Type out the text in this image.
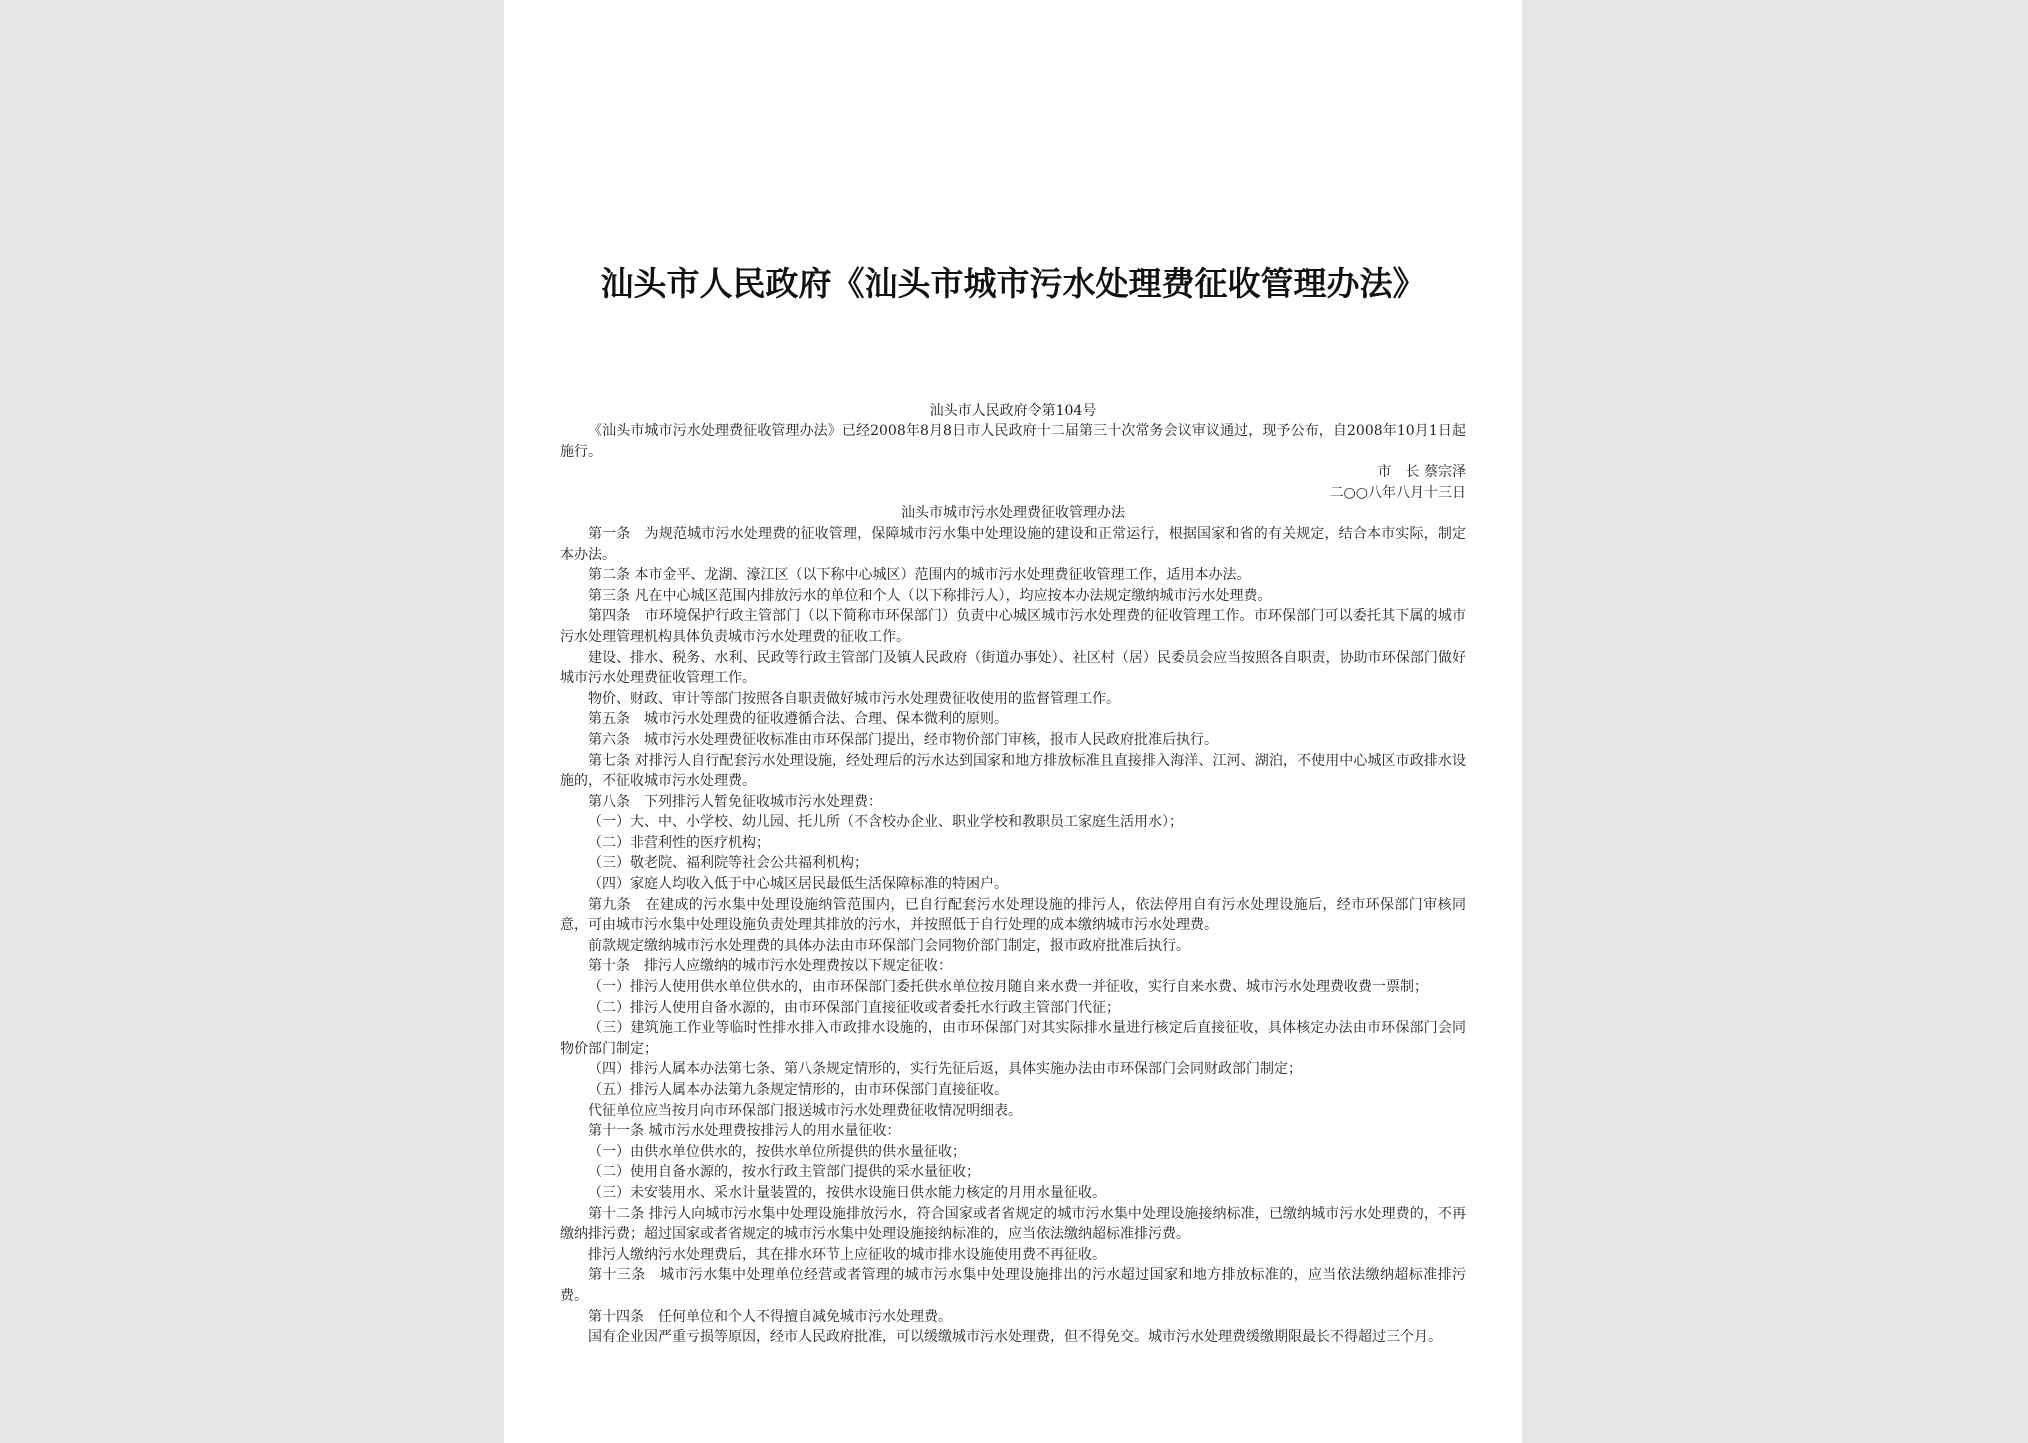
汕头市人民政府《汕头市城市污水处理费征收管理办法》
汕头市人民政府令第104号

《汕头市城市污水处理费征收管理办法》已经2008年8月8日市人民政府十二届第三十次常务会议审议通过，现予公布，自2008年10月1日起施行。

市　长 蔡宗泽

二○○八年八月十三日

汕头市城市污水处理费征收管理办法

第一条　为规范城市污水处理费的征收管理，保障城市污水集中处理设施的建设和正常运行，根据国家和省的有关规定，结合本市实际，制定本办法。

第二条 本市金平、龙湖、濠江区（以下称中心城区）范围内的城市污水处理费征收管理工作，适用本办法。

第三条 凡在中心城区范围内排放污水的单位和个人（以下称排污人），均应按本办法规定缴纳城市污水处理费。

第四条　市环境保护行政主管部门（以下简称市环保部门）负责中心城区城市污水处理费的征收管理工作。市环保部门可以委托其下属的城市污水处理管理机构具体负责城市污水处理费的征收工作。

建设、排水、税务、水利、民政等行政主管部门及镇人民政府（街道办事处）、社区村（居）民委员会应当按照各自职责，协助市环保部门做好城市污水处理费征收管理工作。

物价、财政、审计等部门按照各自职责做好城市污水处理费征收使用的监督管理工作。

第五条　城市污水处理费的征收遵循合法、合理、保本微利的原则。

第六条　城市污水处理费征收标准由市环保部门提出，经市物价部门审核，报市人民政府批准后执行。

第七条 对排污人自行配套污水处理设施，经处理后的污水达到国家和地方排放标准且直接排入海洋、江河、湖泊，不使用中心城区市政排水设施的，不征收城市污水处理费。

第八条　下列排污人暂免征收城市污水处理费：

（一）大、中、小学校、幼儿园、托儿所（不含校办企业、职业学校和教职员工家庭生活用水）；

（二）非营利性的医疗机构；

（三）敬老院、福利院等社会公共福利机构；

（四）家庭人均收入低于中心城区居民最低生活保障标准的特困户。

第九条　在建成的污水集中处理设施纳管范围内，已自行配套污水处理设施的排污人，依法停用自有污水处理设施后，经市环保部门审核同意，可由城市污水集中处理设施负责处理其排放的污水，并按照低于自行处理的成本缴纳城市污水处理费。

前款规定缴纳城市污水处理费的具体办法由市环保部门会同物价部门制定，报市政府批准后执行。

第十条　排污人应缴纳的城市污水处理费按以下规定征收：

（一）排污人使用供水单位供水的，由市环保部门委托供水单位按月随自来水费一并征收，实行自来水费、城市污水处理费收费一票制；

（二）排污人使用自备水源的，由市环保部门直接征收或者委托水行政主管部门代征；

（三）建筑施工作业等临时性排水排入市政排水设施的，由市环保部门对其实际排水量进行核定后直接征收，具体核定办法由市环保部门会同物价部门制定；

（四）排污人属本办法第七条、第八条规定情形的，实行先征后返，具体实施办法由市环保部门会同财政部门制定；

（五）排污人属本办法第九条规定情形的，由市环保部门直接征收。

代征单位应当按月向市环保部门报送城市污水处理费征收情况明细表。

第十一条 城市污水处理费按排污人的用水量征收：

（一）由供水单位供水的，按供水单位所提供的供水量征收；

（二）使用自备水源的，按水行政主管部门提供的采水量征收；

（三）未安装用水、采水计量装置的，按供水设施日供水能力核定的月用水量征收。

第十二条 排污人向城市污水集中处理设施排放污水，符合国家或者省规定的城市污水集中处理设施接纳标准，已缴纳城市污水处理费的，不再缴纳排污费；超过国家或者省规定的城市污水集中处理设施接纳标准的，应当依法缴纳超标准排污费。

排污人缴纳污水处理费后，其在排水环节上应征收的城市排水设施使用费不再征收。

第十三条　城市污水集中处理单位经营或者管理的城市污水集中处理设施排出的污水超过国家和地方排放标准的，应当依法缴纳超标准排污费。

第十四条　任何单位和个人不得擅自减免城市污水处理费。

国有企业因严重亏损等原因，经市人民政府批准，可以缓缴城市污水处理费，但不得免交。城市污水处理费缓缴期限最长不得超过三个月。
